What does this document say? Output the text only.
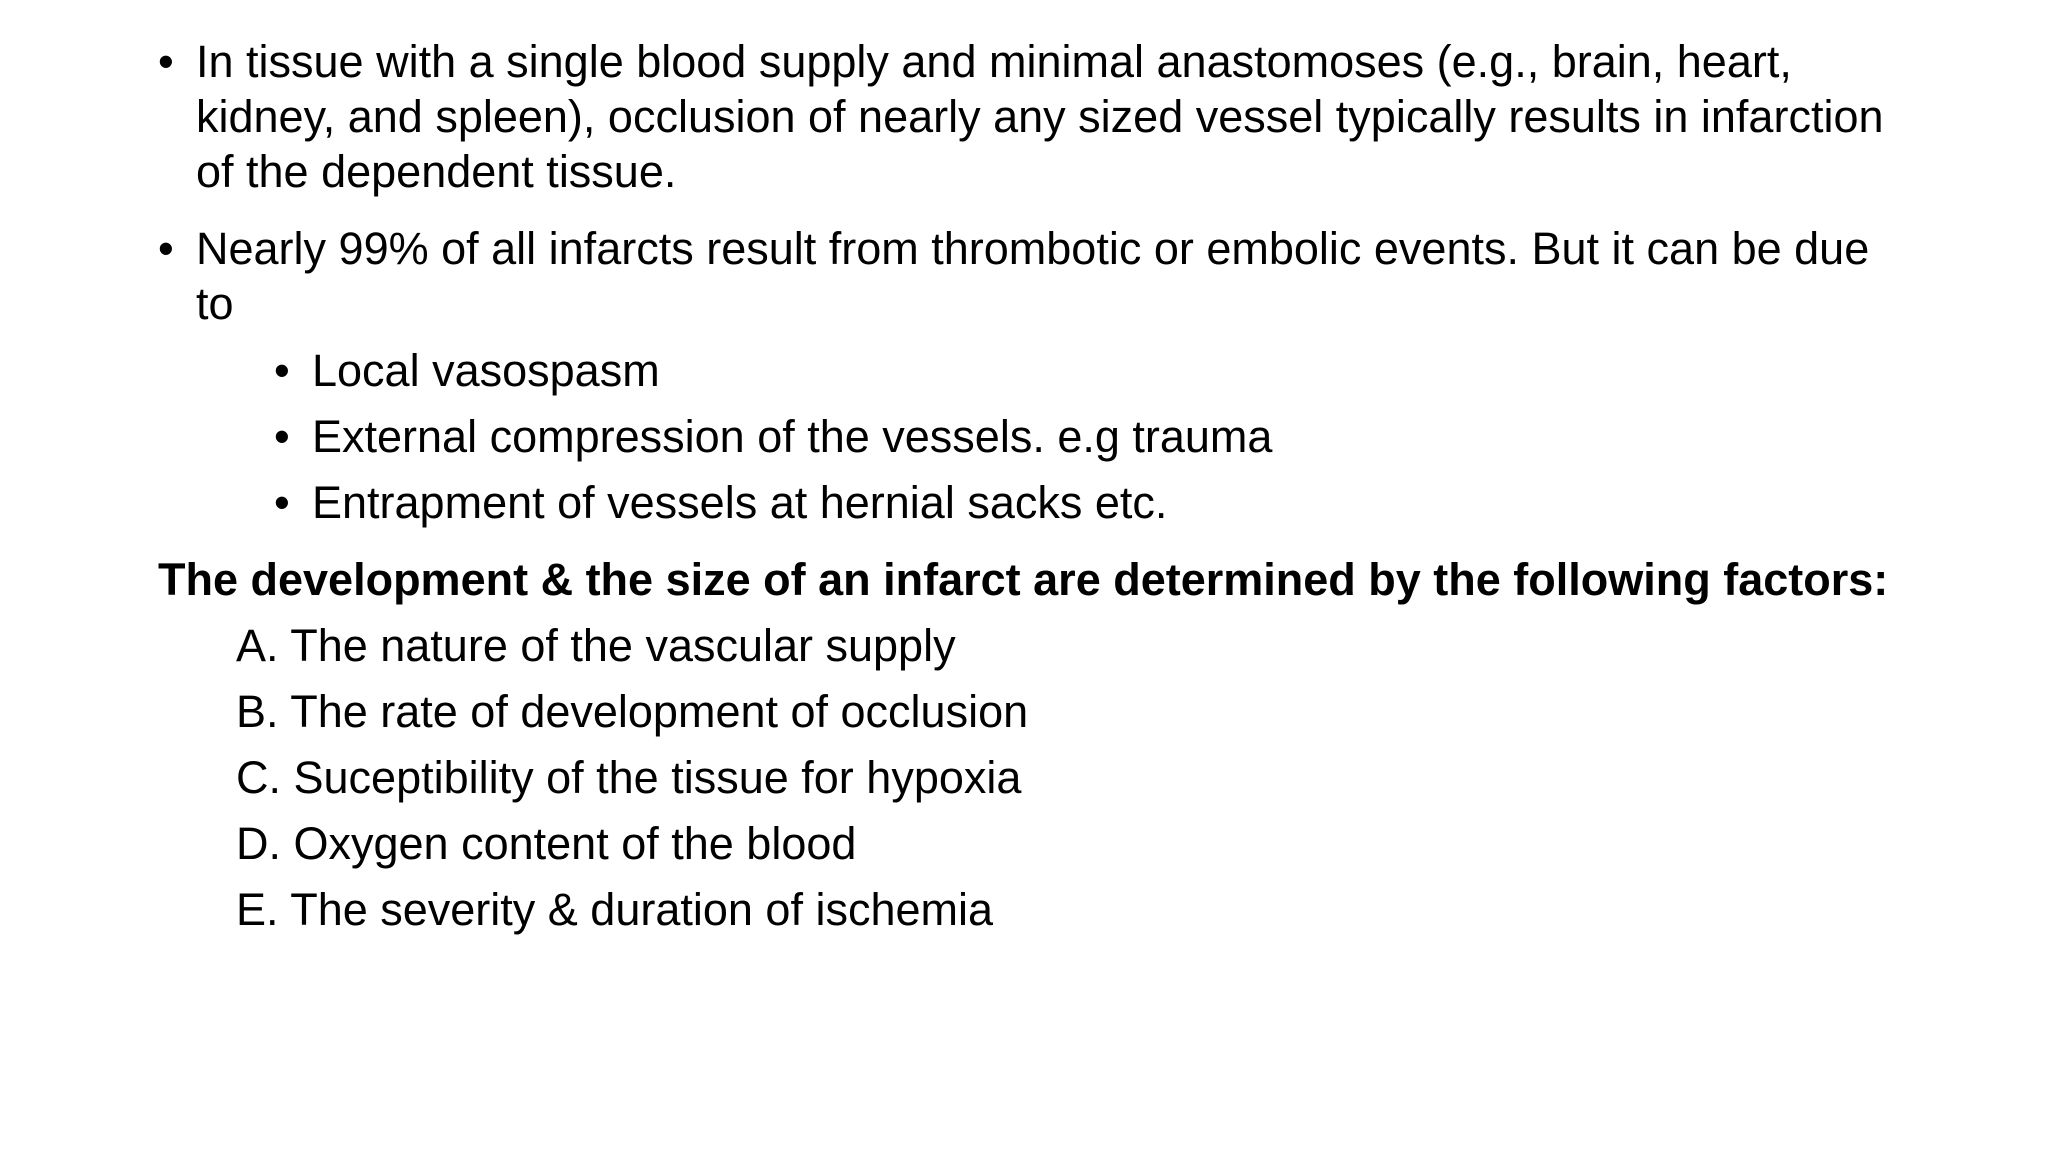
• In tissue with a single blood supply and minimal anastomoses (e.g., brain, heart, kidney, and spleen), occlusion of nearly any sized vessel typically results in infarction of the dependent tissue.
• Nearly 99% of all infarcts result from thrombotic or embolic events. But it can be due to
• Local vasospasm
• External compression of the vessels. e.g trauma
• Entrapment of vessels at hernial sacks etc.

The development & the size of an infarct are determined by the following factors:

A. The nature of the vascular supply
B. The rate of development of occlusion
C. Suceptibility of the tissue for hypoxia
D. Oxygen content of the blood
E. The severity & duration of ischemia
